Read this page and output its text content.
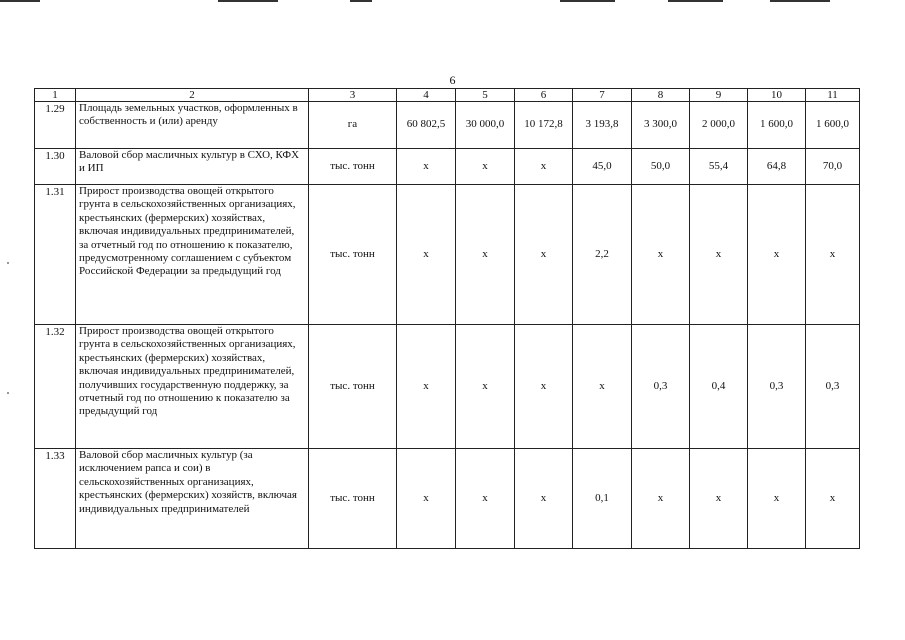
6
1	2	3	4	5	6	7	8	9	10	11
1.29	Площадь земельных участков, оформленных в собственность и (или) аренду	га	60 802,5	30 000,0	10 172,8	3 193,8	3 300,0	2 000,0	1 600,0	1 600,0
1.30	Валовой сбор масличных культур в СХО, КФХ и ИП	тыс. тонн	х	х	х	45,0	50,0	55,4	64,8	70,0
1.31	Прирост производства овощей открытого грунта в сельскохозяйственных организациях, крестьянских (фермерских) хозяйствах, включая индивидуальных предпринимателей, за отчетный год по отношению к показателю, предусмотренному соглашением с субъектом Российской Федерации за предыдущий год	тыс. тонн	х	х	х	2,2	х	х	х	х
1.32	Прирост производства овощей открытого грунта в сельскохозяйственных организациях, крестьянских (фермерских) хозяйствах, включая индивидуальных предпринимателей, получивших государственную поддержку, за отчетный год по отношению к показателю за предыдущий год	тыс. тонн	х	х	х	х	0,3	0,4	0,3	0,3
1.33	Валовой сбор масличных культур (за исключением рапса и сои) в сельскохозяйственных организациях, крестьянских (фермерских) хозяйств, включая индивидуальных предпринимателей	тыс. тонн	х	х	х	0,1	х	х	х	х
